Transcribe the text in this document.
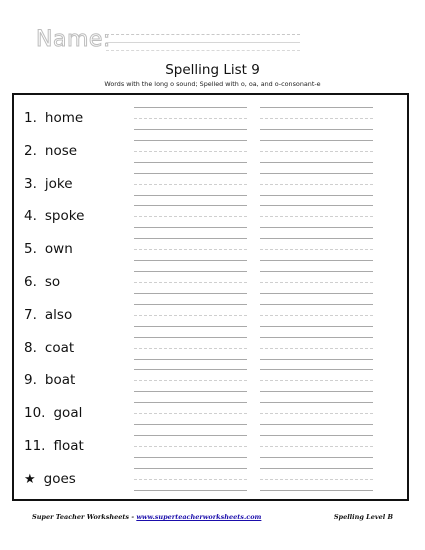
Name:
Spelling List 9
Words with the long o sound; Spelled with o, oa, and o-consonant-e
1. home
2. nose
3. joke
4. spoke
5. own
6. so
7. also
8. coat
9. boat
10. goal
11. float
★ goes
Super Teacher Worksheets - www.superteacherworksheets.com	Spelling Level B
